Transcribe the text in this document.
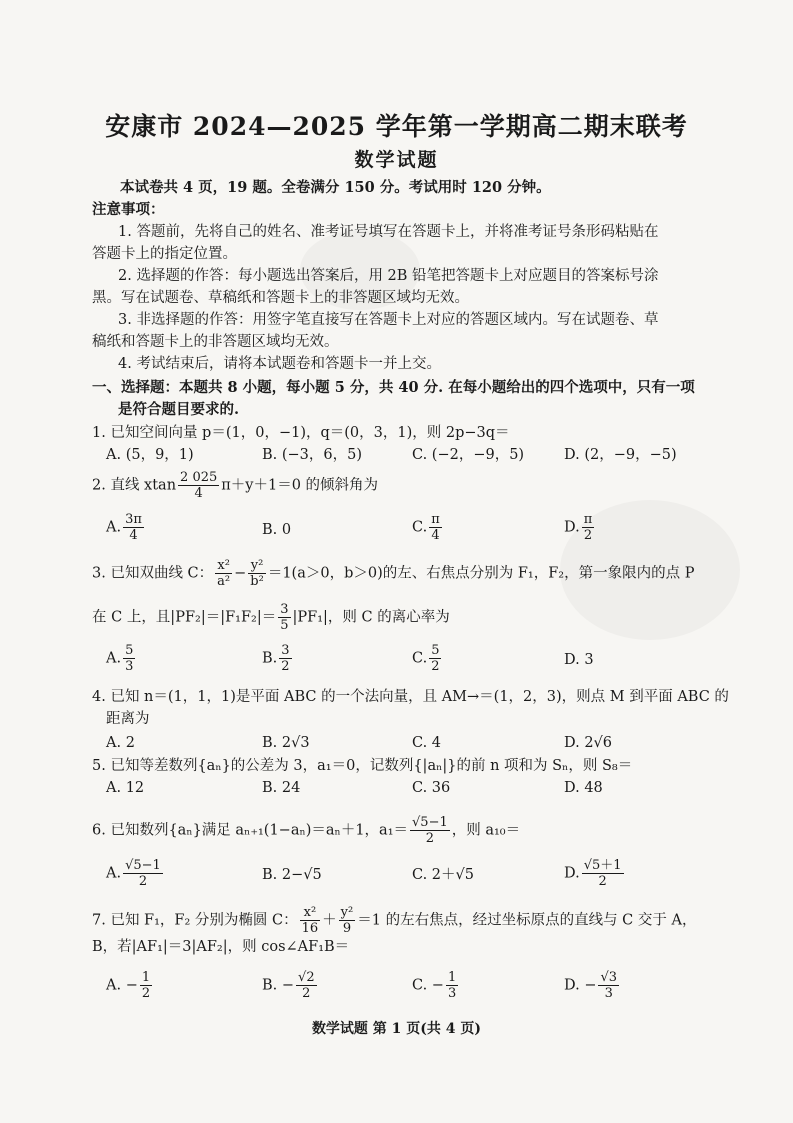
安康市 2024—2025 学年第一学期高二期末联考
数学试题
本试卷共 4 页，19 题。全卷满分 150 分。考试用时 120 分钟。
注意事项：
1. 答题前，先将自己的姓名、准考证号填写在答题卡上，并将准考证号条形码粘贴在
答题卡上的指定位置。
2. 选择题的作答：每小题选出答案后，用 2B 铅笔把答题卡上对应题目的答案标号涂
黑。写在试题卷、草稿纸和答题卡上的非答题区域均无效。
3. 非选择题的作答：用签字笔直接写在答题卡上对应的答题区域内。写在试题卷、草
稿纸和答题卡上的非答题区域均无效。
4. 考试结束后，请将本试题卷和答题卡一并上交。
一、选择题：本题共 8 小题，每小题 5 分，共 40 分. 在每小题给出的四个选项中，只有一项
是符合题目要求的.
1. 已知空间向量 p＝(1，0，−1)，q＝(0，3，1)，则 2p−3q＝
A. (5，9，1)	B. (−3，6，5)	C. (−2，−9，5)	D. (2，−9，−5)
2. 直线 xtan $\frac{2 025}{4} \pi+y+1=0$ 的倾斜角为
A. $\frac{3\pi}{4}$	B. 0	C. $\frac{\pi}{4}$	D. $\frac{\pi}{2}$
3. 已知双曲线 C： $\frac{\text{x²}}{\text{a²}} - \frac{\text{y²}}{\text{b²}} =1(a>0$，b＞0)的左、右焦点分别为 F₁，F₂，第一象限内的点 P
在 C 上，且$|PF_2|=|F_1F_2|= \frac{3}{5} |PF_1|$，则 C 的离心率为
A. $\frac{5}{3}$	B. $\frac{3}{2}$	C. $\frac{5}{2}$	D. 3
4. 已知 n＝(1，1，1)是平面 ABC 的一个法向量，且 AM→＝(1，2，3)，则点 M 到平面 ABC 的
距离为
A. 2	B. 2√3	C. 4	D. 2√6
5. 已知等差数列{aₙ}的公差为 3，a₁＝0，记数列{|aₙ|}的前 n 项和为 Sₙ，则 S₈＝
A. 12	B. 24	C. 36	D. 48
6. 已知数列{aₙ}满足 aₙ₊₁(1−aₙ)＝aₙ＋1，$a_1= \frac{√5-1}{2}$ ，则 a₁₀＝
A. $\frac{√5-1}{2}$	B. 2−√5	C. 2＋√5	D. $\frac{√5+1}{2}$
7. 已知 F₁，F₂ 分别为椭圆 C： $\frac{\text{x²}}{16} + \frac{\text{y²}}{9} =1$ 的左右焦点，经过坐标原点的直线与 C 交于 A，
B，若|AF₁|＝3|AF₂|，则 cos∠AF₁B＝
A. − $\frac{1}{2}$	B. − $\frac{√2}{2}$	C. − $\frac{1}{3}$	D. − $\frac{√3}{3}$
数学试题 第 1 页(共 4 页)
